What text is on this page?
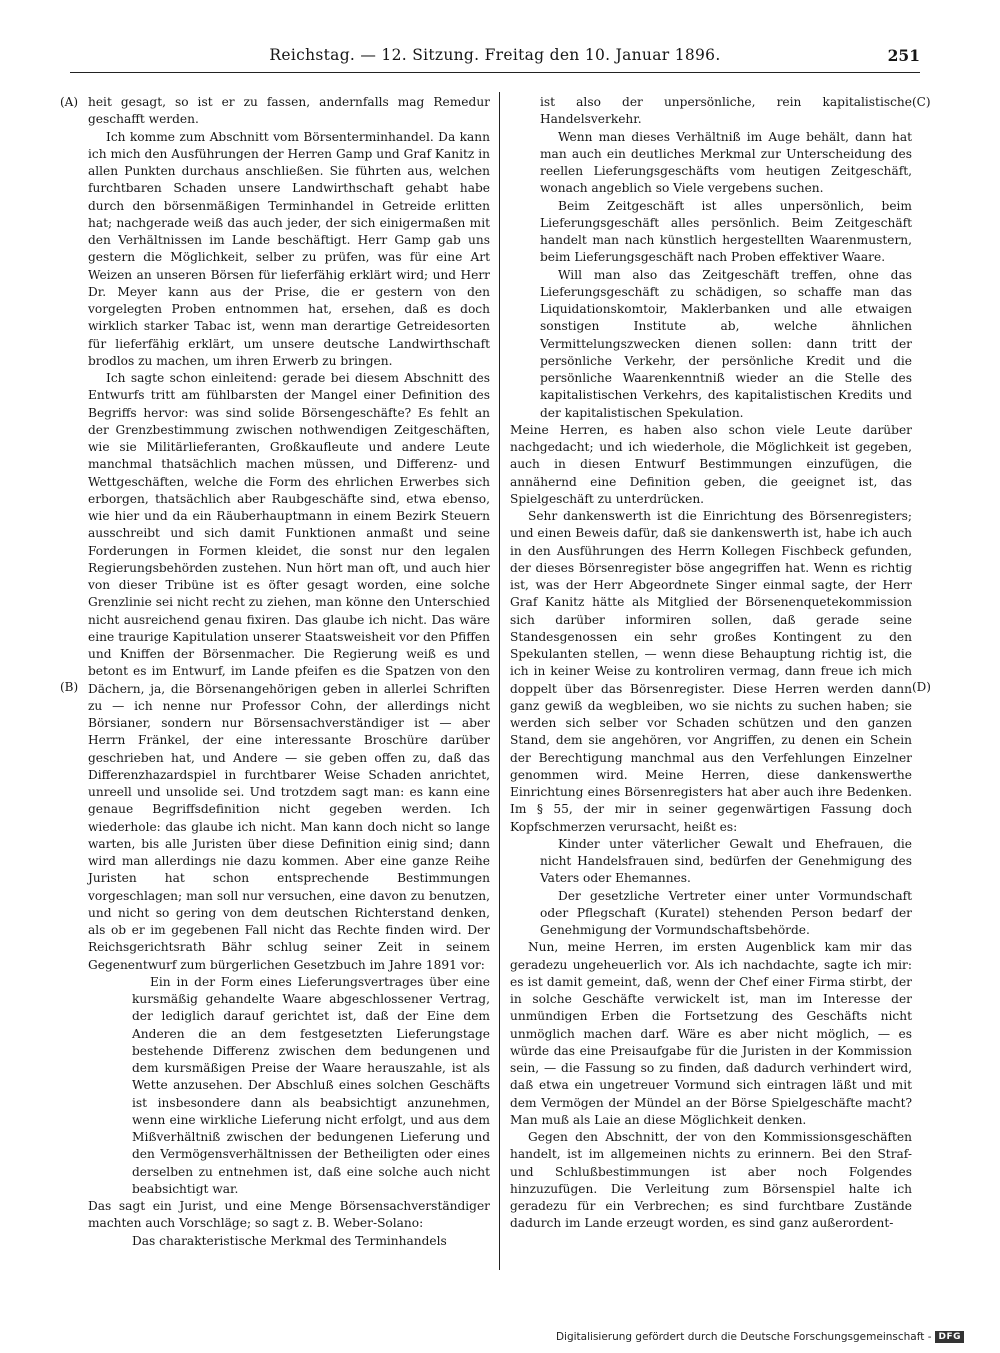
Reichstag. — 12. Sitzung. Freitag den 10. Januar 1896.	251
(A)
(B)
(C)
(D)

heit gesagt, so ist er zu fassen, andernfalls mag Remedur geschafft werden.

Ich komme zum Abschnitt vom Börsenterminhandel. Da kann ich mich den Ausführungen der Herren Gamp und Graf Kanitz in allen Punkten durchaus anschließen. Sie führten aus, welchen furchtbaren Schaden unsere Landwirthschaft gehabt habe durch den börsenmäßigen Terminhandel in Getreide erlitten hat; nachgerade weiß das auch jeder, der sich einigermaßen mit den Verhältnissen im Lande beschäftigt. Herr Gamp gab uns gestern die Möglichkeit, selber zu prüfen, was für eine Art Weizen an unseren Börsen für lieferfähig erklärt wird; und Herr Dr. Meyer kann aus der Prise, die er gestern von den vorgelegten Proben entnommen hat, ersehen, daß es doch wirklich starker Tabac ist, wenn man derartige Getreidesorten für lieferfähig erklärt, um unsere deutsche Landwirthschaft brodlos zu machen, um ihren Erwerb zu bringen.

Ich sagte schon einleitend: gerade bei diesem Abschnitt des Entwurfs tritt am fühlbarsten der Mangel einer Definition des Begriffs hervor: was sind solide Börsengeschäfte? Es fehlt an der Grenzbestimmung zwischen nothwendigen Zeitgeschäften, wie sie Militärlieferanten, Großkaufleute und andere Leute manchmal thatsächlich machen müssen, und Differenz- und Wettgeschäften, welche die Form des ehrlichen Erwerbes sich erborgen, thatsächlich aber Raubgeschäfte sind, etwa ebenso, wie hier und da ein Räuberhauptmann in einem Bezirk Steuern ausschreibt und sich damit Funktionen anmaßt und seine Forderungen in Formen kleidet, die sonst nur den legalen Regierungsbehörden zustehen. Nun hört man oft, und auch hier von dieser Tribüne ist es öfter gesagt worden, eine solche Grenzlinie sei nicht recht zu ziehen, man könne den Unterschied nicht ausreichend genau fixiren. Das glaube ich nicht. Das wäre eine traurige Kapitulation unserer Staatsweisheit vor den Pfiffen und Kniffen der Börsenmacher. Die Regierung weiß es und betont es im Entwurf, im Lande pfeifen es die Spatzen von den Dächern, ja, die Börsenangehörigen geben in allerlei Schriften zu — ich nenne nur Professor Cohn, der allerdings nicht Börsianer, sondern nur Börsensachverständiger ist — aber Herrn Fränkel, der eine interessante Broschüre darüber geschrieben hat, und Andere — sie geben offen zu, daß das Differenzhazardspiel in furchtbarer Weise Schaden anrichtet, unreell und unsolide sei. Und trotzdem sagt man: es kann eine genaue Begriffsdefinition nicht gegeben werden. Ich wiederhole: das glaube ich nicht. Man kann doch nicht so lange warten, bis alle Juristen über diese Definition einig sind; dann wird man allerdings nie dazu kommen. Aber eine ganze Reihe Juristen hat schon entsprechende Bestimmungen vorgeschlagen; man soll nur versuchen, eine davon zu benutzen, und nicht so gering von dem deutschen Richterstand denken, als ob er im gegebenen Fall nicht das Rechte finden wird. Der Reichsgerichtsrath Bähr schlug seiner Zeit in seinem Gegenentwurf zum bürgerlichen Gesetzbuch im Jahre 1891 vor:

Ein in der Form eines Lieferungsvertrages über eine kursmäßig gehandelte Waare abgeschlossener Vertrag, der lediglich darauf gerichtet ist, daß der Eine dem Anderen die an dem festgesetzten Lieferungstage bestehende Differenz zwischen dem bedungenen und dem kursmäßigen Preise der Waare herauszahle, ist als Wette anzusehen. Der Abschluß eines solchen Geschäfts ist insbesondere dann als beabsichtigt anzunehmen, wenn eine wirkliche Lieferung nicht erfolgt, und aus dem Mißverhältniß zwischen der bedungenen Lieferung und den Vermögensverhältnissen der Betheiligten oder eines derselben zu entnehmen ist, daß eine solche auch nicht beabsichtigt war.

Das sagt ein Jurist, und eine Menge Börsensachverständiger machten auch Vorschläge; so sagt z. B. Weber-Solano:

Das charakteristische Merkmal des Terminhandels

ist also der unpersönliche, rein kapitalistische Handelsverkehr.

Wenn man dieses Verhältniß im Auge behält, dann hat man auch ein deutliches Merkmal zur Unterscheidung des reellen Lieferungsgeschäfts vom heutigen Zeitgeschäft, wonach angeblich so Viele vergebens suchen.

Beim Zeitgeschäft ist alles unpersönlich, beim Lieferungsgeschäft alles persönlich. Beim Zeitgeschäft handelt man nach künstlich hergestellten Waarenmustern, beim Lieferungsgeschäft nach Proben effektiver Waare.

Will man also das Zeitgeschäft treffen, ohne das Lieferungsgeschäft zu schädigen, so schaffe man das Liquidationskomtoir, Maklerbanken und alle etwaigen sonstigen Institute ab, welche ähnlichen Vermittelungszwecken dienen sollen: dann tritt der persönliche Verkehr, der persönliche Kredit und die persönliche Waarenkenntniß wieder an die Stelle des kapitalistischen Verkehrs, des kapitalistischen Kredits und der kapitalistischen Spekulation.

Meine Herren, es haben also schon viele Leute darüber nachgedacht; und ich wiederhole, die Möglichkeit ist gegeben, auch in diesen Entwurf Bestimmungen einzufügen, die annähernd eine Definition geben, die geeignet ist, das Spielgeschäft zu unterdrücken.

Sehr dankenswerth ist die Einrichtung des Börsenregisters; und einen Beweis dafür, daß sie dankenswerth ist, habe ich auch in den Ausführungen des Herrn Kollegen Fischbeck gefunden, der dieses Börsenregister böse angegriffen hat. Wenn es richtig ist, was der Herr Abgeordnete Singer einmal sagte, der Herr Graf Kanitz hätte als Mitglied der Börsenenquetekommission sich darüber informiren sollen, daß gerade seine Standesgenossen ein sehr großes Kontingent zu den Spekulanten stellen, — wenn diese Behauptung richtig ist, die ich in keiner Weise zu kontroliren vermag, dann freue ich mich doppelt über das Börsenregister. Diese Herren werden dann ganz gewiß da wegbleiben, wo sie nichts zu suchen haben; sie werden sich selber vor Schaden schützen und den ganzen Stand, dem sie angehören, vor Angriffen, zu denen ein Schein der Berechtigung manchmal aus den Verfehlungen Einzelner genommen wird. Meine Herren, diese dankenswerthe Einrichtung eines Börsenregisters hat aber auch ihre Bedenken. Im § 55, der mir in seiner gegenwärtigen Fassung doch Kopfschmerzen verursacht, heißt es:

Kinder unter väterlicher Gewalt und Ehefrauen, die nicht Handelsfrauen sind, bedürfen der Genehmigung des Vaters oder Ehemannes.

Der gesetzliche Vertreter einer unter Vormundschaft oder Pflegschaft (Kuratel) stehenden Person bedarf der Genehmigung der Vormundschaftsbehörde.

Nun, meine Herren, im ersten Augenblick kam mir das geradezu ungeheuerlich vor. Als ich nachdachte, sagte ich mir: es ist damit gemeint, daß, wenn der Chef einer Firma stirbt, der in solche Geschäfte verwickelt ist, man im Interesse der unmündigen Erben die Fortsetzung des Geschäfts nicht unmöglich machen darf. Wäre es aber nicht möglich, — es würde das eine Preisaufgabe für die Juristen in der Kommission sein, — die Fassung so zu finden, daß dadurch verhindert wird, daß etwa ein ungetreuer Vormund sich eintragen läßt und mit dem Vermögen der Mündel an der Börse Spielgeschäfte macht? Man muß als Laie an diese Möglichkeit denken.

Gegen den Abschnitt, der von den Kommissionsgeschäften handelt, ist im allgemeinen nichts zu erinnern. Bei den Straf- und Schlußbestimmungen ist aber noch Folgendes hinzuzufügen. Die Verleitung zum Börsenspiel halte ich geradezu für ein Verbrechen; es sind furchtbare Zustände dadurch im Lande erzeugt worden, es sind ganz außerordent-

Digitalisierung gefördert durch die Deutsche Forschungsgemeinschaft - DFG
